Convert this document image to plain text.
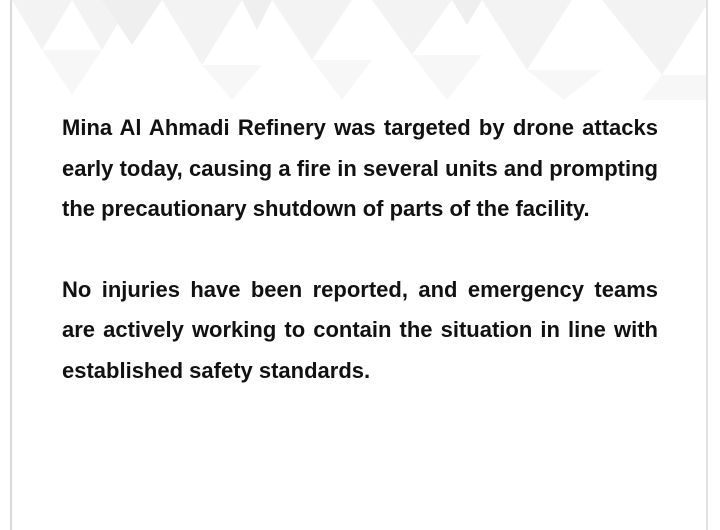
Mina Al Ahmadi Refinery was targeted by drone attacks early today, causing a fire in several units and prompting the precautionary shutdown of parts of the facility.

No injuries have been reported, and emergency teams are actively working to contain the situation in line with established safety standards.
